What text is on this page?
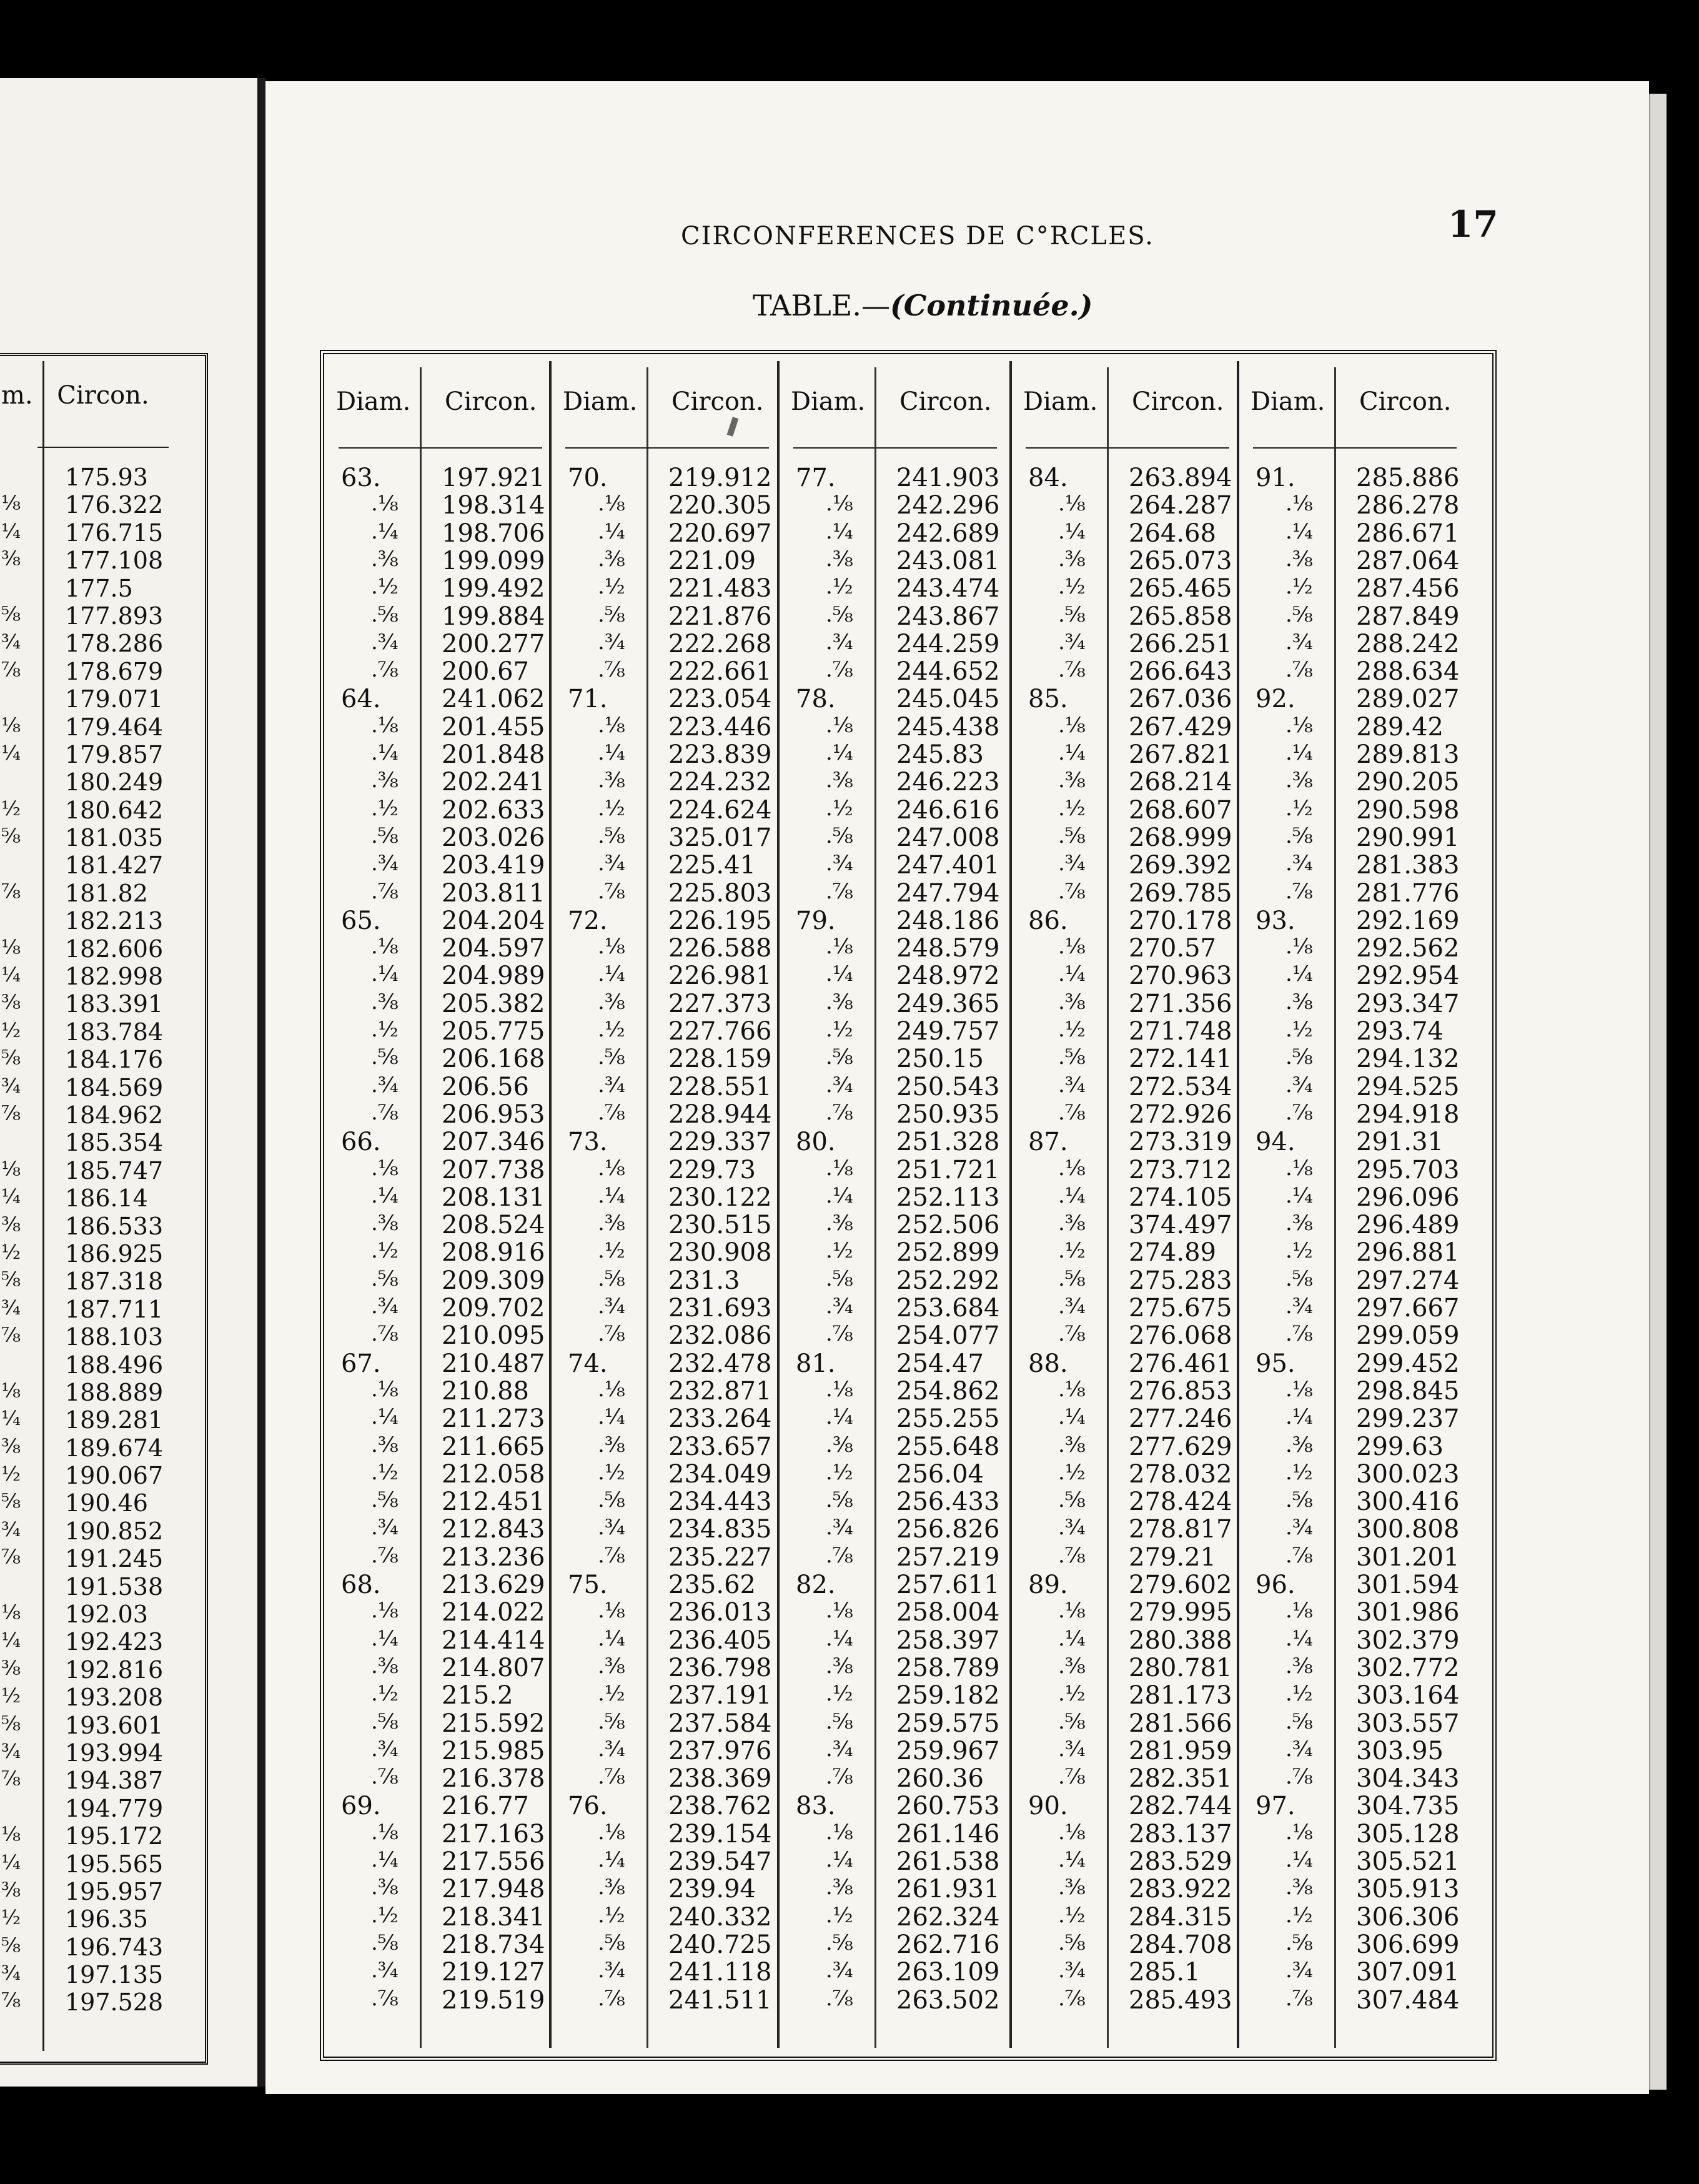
CIRCONFERENCES DE C°RCLES.	17
TABLE.—(Continuée.)
m. Circon.
175.93
⅛ 176.322
¼ 176.715
⅜ 177.108
177.5
⅝ 177.893
¾ 178.286
⅞ 178.679
179.071
⅛ 179.464
¼ 179.857
180.249
½ 180.642
⅝ 181.035
181.427
⅞ 181.82
182.213
⅛ 182.606
¼ 182.998
⅜ 183.391
½ 183.784
⅝ 184.176
¾ 184.569
⅞ 184.962
185.354
⅛ 185.747
¼ 186.14
⅜ 186.533
½ 186.925
⅝ 187.318
¾ 187.711
⅞ 188.103
188.496
⅛ 188.889
¼ 189.281
⅜ 189.674
½ 190.067
⅝ 190.46
¾ 190.852
⅞ 191.245
191.538
⅛ 192.03
¼ 192.423
⅜ 192.816
½ 193.208
⅝ 193.601
¾ 193.994
⅞ 194.387
194.779
⅛ 195.172
¼ 195.565
⅜ 195.957
½ 196.35
⅝ 196.743
¾ 197.135
⅞ 197.528
Diam. Circon.
63. 197.921
.⅛ 198.314
.¼ 198.706
.⅜ 199.099
.½ 199.492
.⅝ 199.884
.¾ 200.277
.⅞ 200.67
64. 241.062
.⅛ 201.455
.¼ 201.848
.⅜ 202.241
.½ 202.633
.⅝ 203.026
.¾ 203.419
.⅞ 203.811
65. 204.204
.⅛ 204.597
.¼ 204.989
.⅜ 205.382
.½ 205.775
.⅝ 206.168
.¾ 206.56
.⅞ 206.953
66. 207.346
.⅛ 207.738
.¼ 208.131
.⅜ 208.524
.½ 208.916
.⅝ 209.309
.¾ 209.702
.⅞ 210.095
67. 210.487
.⅛ 210.88
.¼ 211.273
.⅜ 211.665
.½ 212.058
.⅝ 212.451
.¾ 212.843
.⅞ 213.236
68. 213.629
.⅛ 214.022
.¼ 214.414
.⅜ 214.807
.½ 215.2
.⅝ 215.592
.¾ 215.985
.⅞ 216.378
69. 216.77
.⅛ 217.163
.¼ 217.556
.⅜ 217.948
.½ 218.341
.⅝ 218.734
.¾ 219.127
.⅞ 219.519
Diam. Circon.
70. 219.912
.⅛ 220.305
.¼ 220.697
.⅜ 221.09
.½ 221.483
.⅝ 221.876
.¾ 222.268
.⅞ 222.661
71. 223.054
.⅛ 223.446
.¼ 223.839
.⅜ 224.232
.½ 224.624
.⅝ 325.017
.¾ 225.41
.⅞ 225.803
72. 226.195
.⅛ 226.588
.¼ 226.981
.⅜ 227.373
.½ 227.766
.⅝ 228.159
.¾ 228.551
.⅞ 228.944
73. 229.337
.⅛ 229.73
.¼ 230.122
.⅜ 230.515
.½ 230.908
.⅝ 231.3
.¾ 231.693
.⅞ 232.086
74. 232.478
.⅛ 232.871
.¼ 233.264
.⅜ 233.657
.½ 234.049
.⅝ 234.443
.¾ 234.835
.⅞ 235.227
75. 235.62
.⅛ 236.013
.¼ 236.405
.⅜ 236.798
.½ 237.191
.⅝ 237.584
.¾ 237.976
.⅞ 238.369
76. 238.762
.⅛ 239.154
.¼ 239.547
.⅜ 239.94
.½ 240.332
.⅝ 240.725
.¾ 241.118
.⅞ 241.511
Diam. Circon.
77. 241.903
.⅛ 242.296
.¼ 242.689
.⅜ 243.081
.½ 243.474
.⅝ 243.867
.¾ 244.259
.⅞ 244.652
78. 245.045
.⅛ 245.438
.¼ 245.83
.⅜ 246.223
.½ 246.616
.⅝ 247.008
.¾ 247.401
.⅞ 247.794
79. 248.186
.⅛ 248.579
.¼ 248.972
.⅜ 249.365
.½ 249.757
.⅝ 250.15
.¾ 250.543
.⅞ 250.935
80. 251.328
.⅛ 251.721
.¼ 252.113
.⅜ 252.506
.½ 252.899
.⅝ 252.292
.¾ 253.684
.⅞ 254.077
81. 254.47
.⅛ 254.862
.¼ 255.255
.⅜ 255.648
.½ 256.04
.⅝ 256.433
.¾ 256.826
.⅞ 257.219
82. 257.611
.⅛ 258.004
.¼ 258.397
.⅜ 258.789
.½ 259.182
.⅝ 259.575
.¾ 259.967
.⅞ 260.36
83. 260.753
.⅛ 261.146
.¼ 261.538
.⅜ 261.931
.½ 262.324
.⅝ 262.716
.¾ 263.109
.⅞ 263.502
Diam. Circon.
84. 263.894
.⅛ 264.287
.¼ 264.68
.⅜ 265.073
.½ 265.465
.⅝ 265.858
.¾ 266.251
.⅞ 266.643
85. 267.036
.⅛ 267.429
.¼ 267.821
.⅜ 268.214
.½ 268.607
.⅝ 268.999
.¾ 269.392
.⅞ 269.785
86. 270.178
.⅛ 270.57
.¼ 270.963
.⅜ 271.356
.½ 271.748
.⅝ 272.141
.¾ 272.534
.⅞ 272.926
87. 273.319
.⅛ 273.712
.¼ 274.105
.⅜ 374.497
.½ 274.89
.⅝ 275.283
.¾ 275.675
.⅞ 276.068
88. 276.461
.⅛ 276.853
.¼ 277.246
.⅜ 277.629
.½ 278.032
.⅝ 278.424
.¾ 278.817
.⅞ 279.21
89. 279.602
.⅛ 279.995
.¼ 280.388
.⅜ 280.781
.½ 281.173
.⅝ 281.566
.¾ 281.959
.⅞ 282.351
90. 282.744
.⅛ 283.137
.¼ 283.529
.⅜ 283.922
.½ 284.315
.⅝ 284.708
.¾ 285.1
.⅞ 285.493
Diam. Circon.
91. 285.886
.⅛ 286.278
.¼ 286.671
.⅜ 287.064
.½ 287.456
.⅝ 287.849
.¾ 288.242
.⅞ 288.634
92. 289.027
.⅛ 289.42
.¼ 289.813
.⅜ 290.205
.½ 290.598
.⅝ 290.991
.¾ 281.383
.⅞ 281.776
93. 292.169
.⅛ 292.562
.¼ 292.954
.⅜ 293.347
.½ 293.74
.⅝ 294.132
.¾ 294.525
.⅞ 294.918
94. 291.31
.⅛ 295.703
.¼ 296.096
.⅜ 296.489
.½ 296.881
.⅝ 297.274
.¾ 297.667
.⅞ 299.059
95. 299.452
.⅛ 298.845
.¼ 299.237
.⅜ 299.63
.½ 300.023
.⅝ 300.416
.¾ 300.808
.⅞ 301.201
96. 301.594
.⅛ 301.986
.¼ 302.379
.⅜ 302.772
.½ 303.164
.⅝ 303.557
.¾ 303.95
.⅞ 304.343
97. 304.735
.⅛ 305.128
.¼ 305.521
.⅜ 305.913
.½ 306.306
.⅝ 306.699
.¾ 307.091
.⅞ 307.484
